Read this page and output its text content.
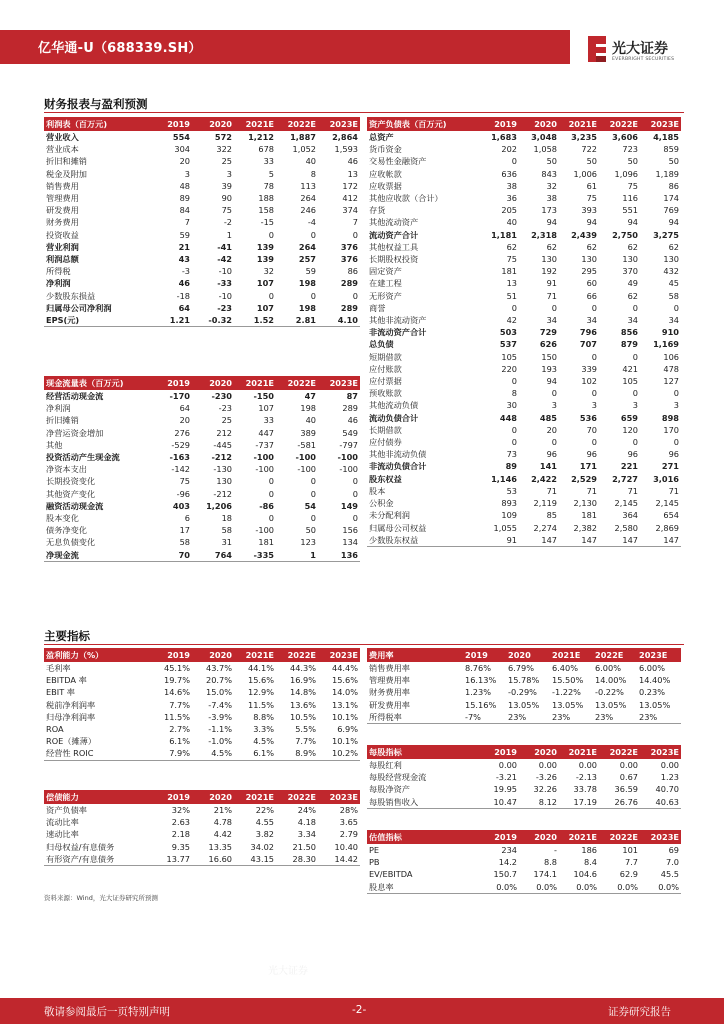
亿华通-U（688339.SH）	光大证券
EVERBRIGHT SECURITIES
财务报表与盈利预测
主要指标
利润表（百万元)	2019	2020	2021E	2022E	2023E
营业收入	554	572	1,212	1,887	2,864
营业成本	304	322	678	1,052	1,593
折旧和摊销	20	25	33	40	46
税金及附加	3	3	5	8	13
销售费用	48	39	78	113	172
管理费用	89	90	188	264	412
研发费用	84	75	158	246	374
财务费用	7	-2	-15	-4	7
投资收益	59	1	0	0	0
营业利润	21	-41	139	264	376
利润总额	43	-42	139	257	376
所得税	-3	-10	32	59	86
净利润	46	-33	107	198	289
少数股东损益	-18	-10	0	0	0
归属母公司净利润	64	-23	107	198	289
EPS(元)	1.21	-0.32	1.52	2.81	4.10
现金流量表（百万元)	2019	2020	2021E	2022E	2023E
经营活动现金流	-170	-230	-150	47	87
净利润	64	-23	107	198	289
折旧摊销	20	25	33	40	46
净营运资金增加	276	212	447	389	549
其他	-529	-445	-737	-581	-797
投资活动产生现金流	-163	-212	-100	-100	-100
净资本支出	-142	-130	-100	-100	-100
长期投资变化	75	130	0	0	0
其他资产变化	-96	-212	0	0	0
融资活动现金流	403	1,206	-86	54	149
股本变化	6	18	0	0	0
债务净变化	17	58	-100	50	156
无息负债变化	58	31	181	123	134
净现金流	70	764	-335	1	136
资产负债表（百万元)	2019	2020	2021E	2022E	2023E
总资产	1,683	3,048	3,235	3,606	4,185
货币资金	202	1,058	722	723	859
交易性金融资产	0	50	50	50	50
应收帐款	636	843	1,006	1,096	1,189
应收票据	38	32	61	75	86
其他应收款（合计）	36	38	75	116	174
存货	205	173	393	551	769
其他流动资产	40	94	94	94	94
流动资产合计	1,181	2,318	2,439	2,750	3,275
其他权益工具	62	62	62	62	62
长期股权投资	75	130	130	130	130
固定资产	181	192	295	370	432
在建工程	13	91	60	49	45
无形资产	51	71	66	62	58
商誉	0	0	0	0	0
其他非流动资产	42	34	34	34	34
非流动资产合计	503	729	796	856	910
总负债	537	626	707	879	1,169
短期借款	105	150	0	0	106
应付账款	220	193	339	421	478
应付票据	0	94	102	105	127
预收账款	8	0	0	0	0
其他流动负债	30	3	3	3	3
流动负债合计	448	485	536	659	898
长期借款	0	20	70	120	170
应付债券	0	0	0	0	0
其他非流动负债	73	96	96	96	96
非流动负债合计	89	141	171	221	271
股东权益	1,146	2,422	2,529	2,727	3,016
股本	53	71	71	71	71
公积金	893	2,119	2,130	2,145	2,145
未分配利润	109	85	181	364	654
归属母公司权益	1,055	2,274	2,382	2,580	2,869
少数股东权益	91	147	147	147	147
盈利能力（%）	2019	2020	2021E	2022E	2023E
毛利率	45.1%	43.7%	44.1%	44.3%	44.4%
EBITDA 率	19.7%	20.7%	15.6%	16.9%	15.6%
EBIT 率	14.6%	15.0%	12.9%	14.8%	14.0%
税前净利润率	7.7%	-7.4%	11.5%	13.6%	13.1%
归母净利润率	11.5%	-3.9%	8.8%	10.5%	10.1%
ROA	2.7%	-1.1%	3.3%	5.5%	6.9%
ROE（摊薄）	6.1%	-1.0%	4.5%	7.7%	10.1%
经营性 ROIC	7.9%	4.5%	6.1%	8.9%	10.2%
偿债能力	2019	2020	2021E	2022E	2023E
资产负债率	32%	21%	22%	24%	28%
流动比率	2.63	4.78	4.55	4.18	3.65
速动比率	2.18	4.42	3.82	3.34	2.79
归母权益/有息债务	9.35	13.35	34.02	21.50	10.40
有形资产/有息债务	13.77	16.60	43.15	28.30	14.42
费用率	2019	2020	2021E	2022E	2023E
销售费用率	8.76%	6.79%	6.40%	6.00%	6.00%
管理费用率	16.13%	15.78%	15.50%	14.00%	14.40%
财务费用率	1.23%	-0.29%	-1.22%	-0.22%	0.23%
研发费用率	15.16%	13.05%	13.05%	13.05%	13.05%
所得税率	-7%	23%	23%	23%	23%
每股指标	2019	2020	2021E	2022E	2023E
每股红利	0.00	0.00	0.00	0.00	0.00
每股经营现金流	-3.21	-3.26	-2.13	0.67	1.23
每股净资产	19.95	32.26	33.78	36.59	40.70
每股销售收入	10.47	8.12	17.19	26.76	40.63
估值指标	2019	2020	2021E	2022E	2023E
PE	234	-	186	101	69
PB	14.2	8.8	8.4	7.7	7.0
EV/EBITDA	150.7	174.1	104.6	62.9	45.5
股息率	0.0%	0.0%	0.0%	0.0%	0.0%
资料来源：Wind，光大证券研究所预测
光大证券
敬请参阅最后一页特别声明	-2-	证券研究报告
